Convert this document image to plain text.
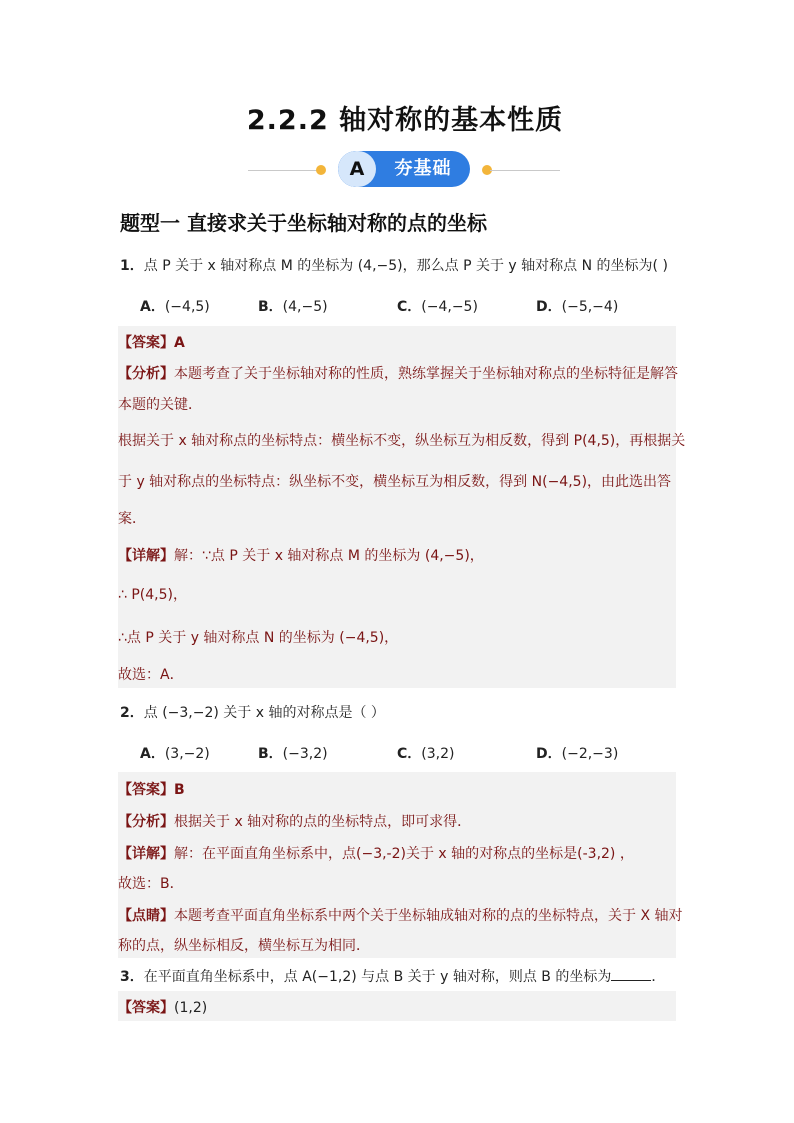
2.2.2 轴对称的基本性质
A	夯基础
题型一 直接求关于坐标轴对称的点的坐标
1．点 P 关于 x 轴对称点 M 的坐标为 (4,−5)，那么点 P 关于 y 轴对称点 N 的坐标为( )
A．(−4,5)	B．(4,−5)	C．(−4,−5)	D．(−5,−4)
【答案】A
【分析】本题考查了关于坐标轴对称的性质，熟练掌握关于坐标轴对称点的坐标特征是解答
本题的关键．
根据关于 x 轴对称点的坐标特点：横坐标不变，纵坐标互为相反数，得到 P(4,5)，再根据关
于 y 轴对称点的坐标特点：纵坐标不变，横坐标互为相反数，得到 N(−4,5)，由此选出答
案．
【详解】解：∵点 P 关于 x 轴对称点 M 的坐标为 (4,−5)，
∴ P(4,5)，
∴点 P 关于 y 轴对称点 N 的坐标为 (−4,5)，
故选：A．
2．点 (−3,−2) 关于 x 轴的对称点是（ ）
A．(3,−2)	B．(−3,2)	C．(3,2)	D．(−2,−3)
【答案】B
【分析】根据关于 x 轴对称的点的坐标特点，即可求得．
【详解】解：在平面直角坐标系中，点(−3,-2)关于 x 轴的对称点的坐标是(-3,2) ，
故选：B．
【点睛】本题考查平面直角坐标系中两个关于坐标轴成轴对称的点的坐标特点，关于 X 轴对
称的点，纵坐标相反，横坐标互为相同．
3．在平面直角坐标系中，点 A(−1,2) 与点 B 关于 y 轴对称，则点 B 的坐标为	．
【答案】(1,2)
